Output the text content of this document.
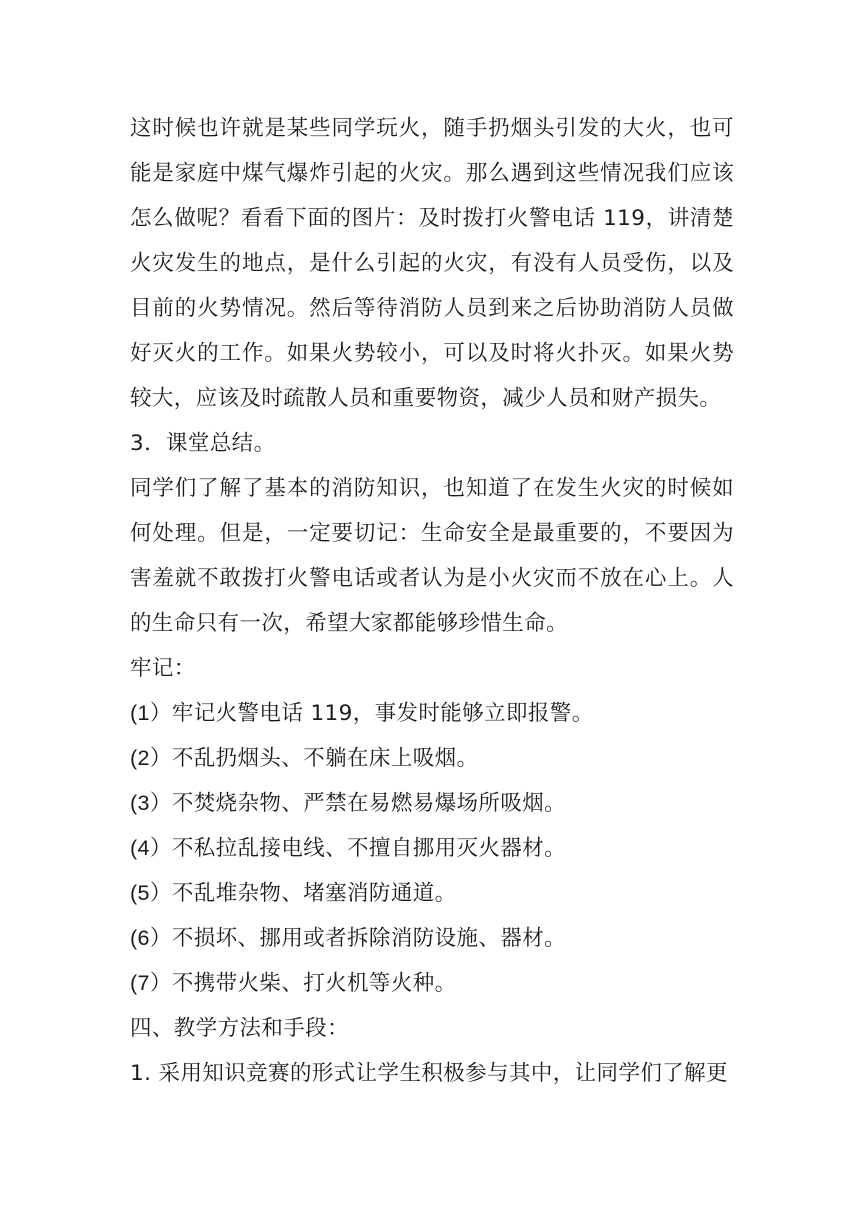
这时候也许就是某些同学玩火，随手扔烟头引发的大火，也可能是家庭中煤气爆炸引起的火灾。那么遇到这些情况我们应该怎么做呢？看看下面的图片：及时拨打火警电话 119，讲清楚火灾发生的地点，是什么引起的火灾，有没有人员受伤，以及目前的火势情况。然后等待消防人员到来之后协助消防人员做好灭火的工作。如果火势较小，可以及时将火扑灭。如果火势较大，应该及时疏散人员和重要物资，减少人员和财产损失。

3．课堂总结。

同学们了解了基本的消防知识，也知道了在发生火灾的时候如何处理。但是，一定要切记：生命安全是最重要的，不要因为害羞就不敢拨打火警电话或者认为是小火灾而不放在心上。人的生命只有一次，希望大家都能够珍惜生命。

牢记：

(1）牢记火警电话 119，事发时能够立即报警。

(2）不乱扔烟头、不躺在床上吸烟。

(3）不焚烧杂物、严禁在易燃易爆场所吸烟。

(4）不私拉乱接电线、不擅自挪用灭火器材。

(5）不乱堆杂物、堵塞消防通道。

(6）不损坏、挪用或者拆除消防设施、器材。

(7）不携带火柴、打火机等火种。

四、教学方法和手段：

1. 采用知识竞赛的形式让学生积极参与其中，让同学们了解更
